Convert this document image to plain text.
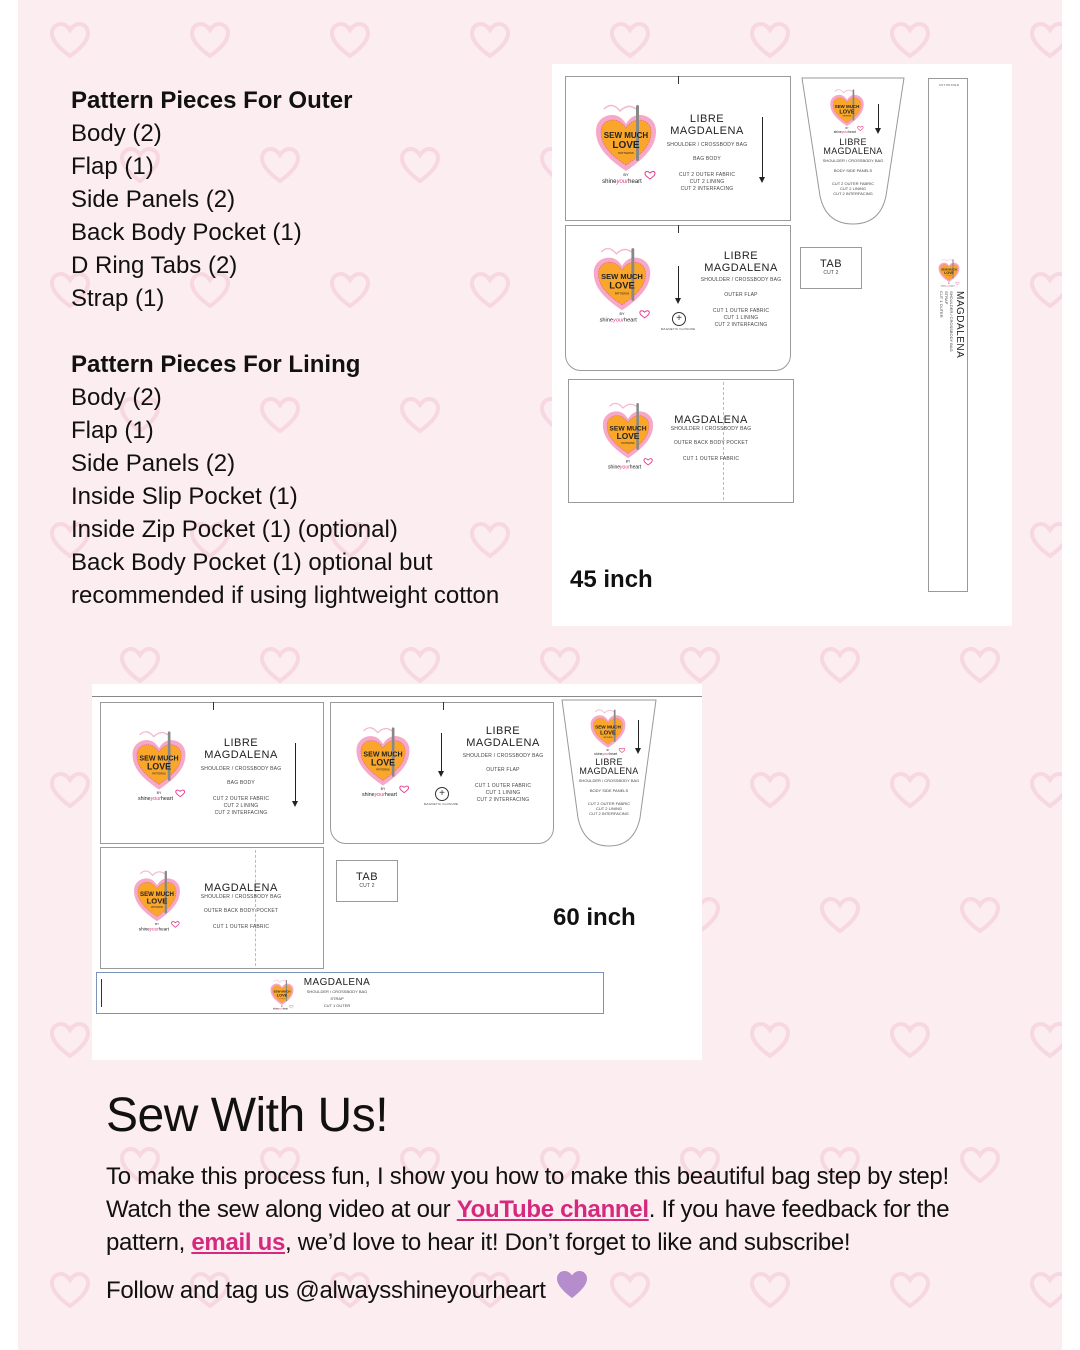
Pattern Pieces For Outer
Body (2)
Flap (1)
Side Panels (2)
Back Body Pocket (1)
D Ring Tabs (2)
Strap (1)
Pattern Pieces For Lining
Body (2)
Flap (1)
Side Panels (2)
Inside Slip Pocket (1)
Inside Zip Pocket (1) (optional)
Back Body Pocket (1) optional but
recommended if using lightweight cotton
SEW MUCH
LOVE
PATTERNS
BY
shineyourheart
LIBRE
MAGDALENA
SHOULDER / CROSSBODY BAG
BAG BODY
CUT 2 OUTER FABRIC
CUT 2 LINING
CUT 2 INTERFACING
SEW MUCH
LOVE
PATTERNS
BY
shineyourheart
LIBRE
MAGDALENA
SHOULDER / CROSSBODY BAG
BODY SIDE PANELS
CUT 2 OUTER FABRIC
CUT 2 LINING
CUT 2 INTERFACING
CUT ON FOLD
SEW MUCH
LOVE
PATTERNS
BY
shineyourheart
MAGDALENA
SHOULDER / CROSSBODY BAG
STRAP
CUT 1 OUTER
SEW MUCH
LOVE
PATTERNS
BY
shineyourheart	+
MAGNETIC CLOSURE
LIBRE
MAGDALENA
SHOULDER / CROSSBODY BAG
OUTER FLAP
CUT 1 OUTER FABRIC
CUT 1 LINING
CUT 2 INTERFACING
TAB
CUT 2
SEW MUCH
LOVE
PATTERNS
BY
shineyourheart
MAGDALENA
SHOULDER / CROSSBODY BAG
OUTER BACK BODY POCKET
CUT 1 OUTER FABRIC
45 inch
SEW MUCH
LOVE
PATTERNS
BY
shineyourheart
LIBRE
MAGDALENA
SHOULDER / CROSSBODY BAG
BAG BODY
CUT 2 OUTER FABRIC
CUT 2 LINING
CUT 2 INTERFACING
SEW MUCH
LOVE
PATTERNS
BY
shineyourheart	+
MAGNETIC CLOSURE
LIBRE
MAGDALENA
SHOULDER / CROSSBODY BAG
OUTER FLAP
CUT 1 OUTER FABRIC
CUT 1 LINING
CUT 2 INTERFACING
SEW MUCH
LOVE
PATTERNS
BY
shineyourheart
LIBRE
MAGDALENA
SHOULDER / CROSSBODY BAG
BODY SIDE PANELS
CUT 2 OUTER FABRIC
CUT 2 LINING
CUT 2 INTERFACING
SEW MUCH
LOVE
PATTERNS
BY
shineyourheart
MAGDALENA
SHOULDER / CROSSBODY BAG
OUTER BACK BODY POCKET
CUT 1 OUTER FABRIC
TAB
CUT 2
60 inch
SEW MUCH
LOVE
PATTERNS
BY
shineyourheart
MAGDALENA
SHOULDER / CROSSBODY BAG
STRAP
CUT 1 OUTER
Sew With Us!
To make this process fun, I show you how to make this beautiful bag step by step!
Watch the sew along video at our YouTube channel. If you have feedback for the
pattern, email us, we’d love to hear it! Don’t forget to like and subscribe!
Follow and tag us @alwaysshineyourheart
